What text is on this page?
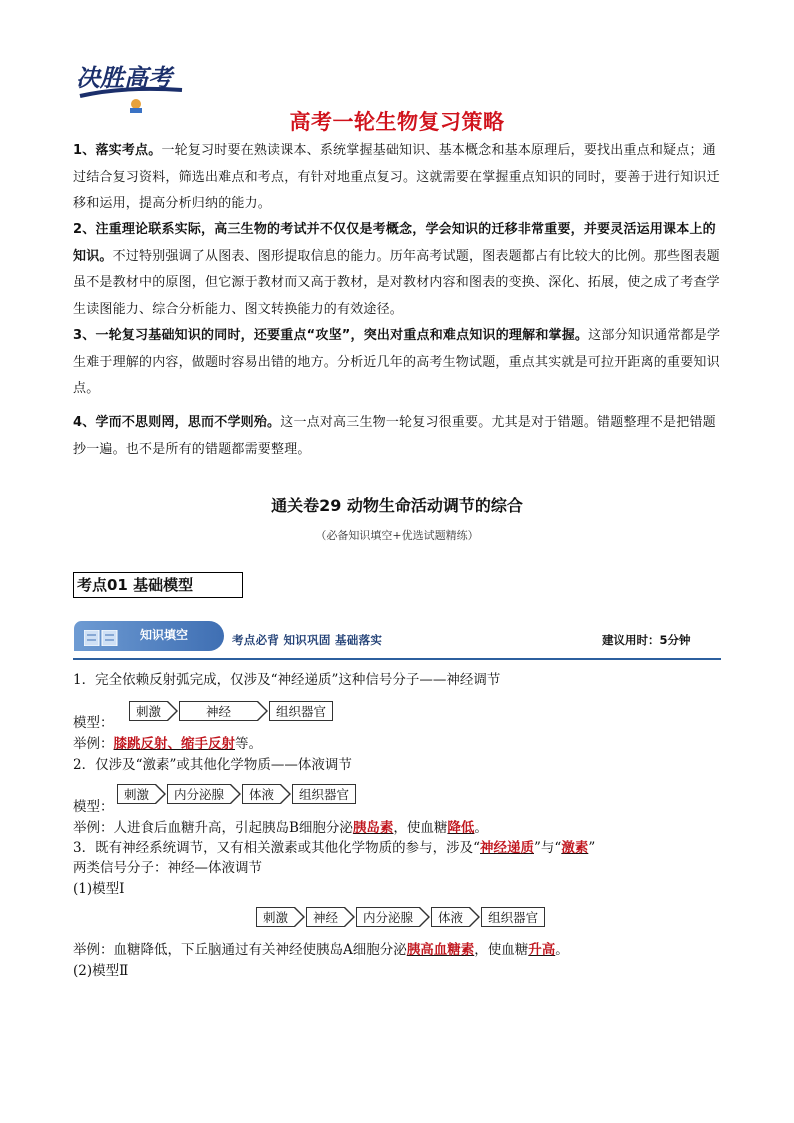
决胜高考
高考一轮生物复习策略
1、落实考点。一轮复习时要在熟读课本、系统掌握基础知识、基本概念和基本原理后，要找出重点和疑点；通过结合复习资料，筛选出难点和考点，有针对地重点复习。这就需要在掌握重点知识的同时，要善于进行知识迁移和运用，提高分析归纳的能力。
2、注重理论联系实际，高三生物的考试并不仅仅是考概念，学会知识的迁移非常重要，并要灵活运用课本上的知识。不过特别强调了从图表、图形提取信息的能力。历年高考试题，图表题都占有比较大的比例。那些图表题虽不是教材中的原图，但它源于教材而又高于教材，是对教材内容和图表的变换、深化、拓展，使之成了考查学生读图能力、综合分析能力、图文转换能力的有效途径。
3、一轮复习基础知识的同时，还要重点“攻坚”，突出对重点和难点知识的理解和掌握。这部分知识通常都是学生难于理解的内容，做题时容易出错的地方。分析近几年的高考生物试题，重点其实就是可拉开距离的重要知识点。
4、学而不思则罔，思而不学则殆。这一点对高三生物一轮复习很重要。尤其是对于错题。错题整理不是把错题抄一遍。也不是所有的错题都需要整理。
通关卷29 动物生命活动调节的综合
（必备知识填空+优选试题精练）
考点01 基础模型
知识填空	考点必背 知识巩固 基础落实	建议用时：5分钟
1．完全依赖反射弧完成，仅涉及“神经递质”这种信号分子——神经调节
模型：
刺激	神经	组织器官
举例：膝跳反射、缩手反射等。
2．仅涉及“激素”或其他化学物质——体液调节
模型：
刺激	内分泌腺	体液	组织器官
举例：人进食后血糖升高，引起胰岛B细胞分泌胰岛素，使血糖降低。
3．既有神经系统调节，又有相关激素或其他化学物质的参与，涉及“神经递质”与“激素”
两类信号分子：神经—体液调节
(1)模型Ⅰ
刺激	神经	内分泌腺	体液	组织器官
举例：血糖降低，下丘脑通过有关神经使胰岛A细胞分泌胰高血糖素，使血糖升高。
(2)模型Ⅱ
